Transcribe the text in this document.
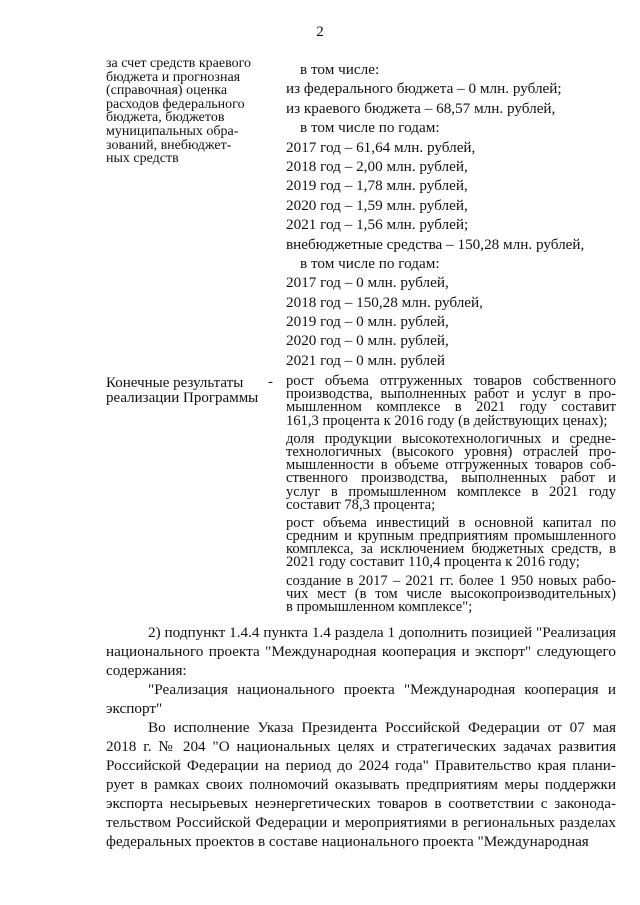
2
за счет средств краевого
бюджета и прогнозная
(справочная) оценка
расходов федерального
бюджета, бюджетов
муниципальных обра-
зований, внебюджет-
ных средств
в том числе:
из федерального бюджета – 0 млн. рублей;
из краевого бюджета – 68,57 млн. рублей,
в том числе по годам:
2017 год – 61,64 млн. рублей,
2018 год – 2,00 млн. рублей,
2019 год – 1,78 млн. рублей,
2020 год – 1,59 млн. рублей,
2021 год – 1,56 млн. рублей;
внебюджетные средства – 150,28 млн. рублей,
в том числе по годам:
2017 год – 0 млн. рублей,
2018 год – 150,28 млн. рублей,
2019 год – 0 млн. рублей,
2020 год – 0 млн. рублей,
2021 год – 0 млн. рублей
Конечные результаты
реализации Программы
- рост объема отгруженных товаров собственного
производства, выполненных работ и услуг в про-
мышленном комплексе в 2021 году составит
161,3 процента к 2016 году (в действующих ценах);
доля продукции высокотехнологичных и средне-
технологичных (высокого уровня) отраслей про-
мышленности в объеме отгруженных товаров соб-
ственного производства, выполненных работ и
услуг в промышленном комплексе в 2021 году
составит 78,3 процента;
рост объема инвестиций в основной капитал по
средним и крупным предприятиям промышленного
комплекса, за исключением бюджетных средств, в
2021 году составит 110,4 процента к 2016 году;
создание в 2017 – 2021 гг. более 1 950 новых рабо-
чих мест (в том числе высокопроизводительных)
в промышленном комплексе";
2) подпункт 1.4.4 пункта 1.4 раздела 1 дополнить позицией "Реализация
национального проекта "Международная кооперация и экспорт" следующего
содержания:
"Реализация национального проекта "Международная кооперация и
экспорт"
Во исполнение Указа Президента Российской Федерации от 07 мая
2018 г. № 204 "О национальных целях и стратегических задачах развития
Российской Федерации на период до 2024 года" Правительство края плани-
рует в рамках своих полномочий оказывать предприятиям меры поддержки
экспорта несырьевых неэнергетических товаров в соответствии с законода-
тельством Российской Федерации и мероприятиями в региональных разделах
федеральных проектов в составе национального проекта "Международная
